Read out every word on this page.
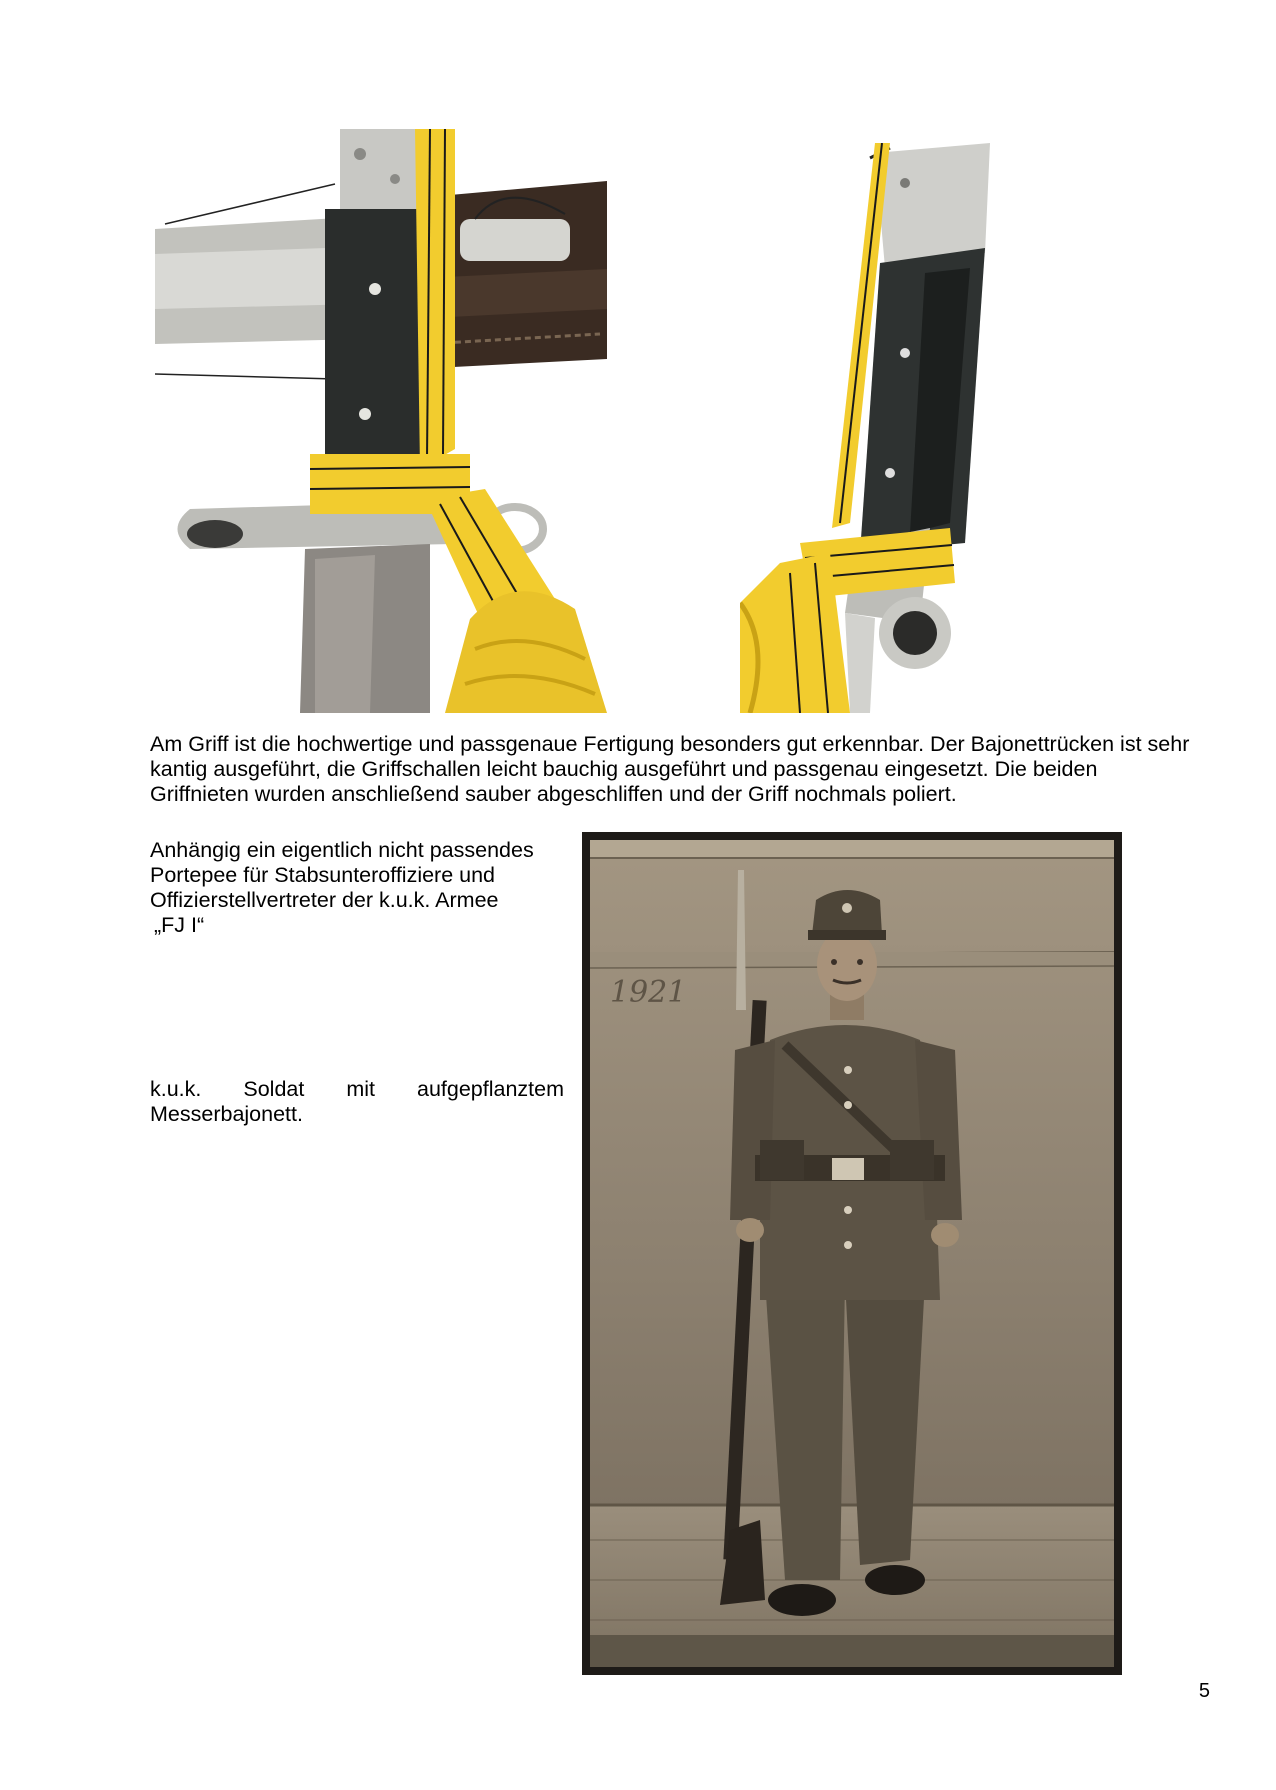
Am Griff ist die hochwertige und passgenaue Fertigung besonders gut erkennbar. Der Bajonettrücken ist sehr kantig ausgeführt, die Griffschallen leicht bauchig ausgeführt und passgenau eingesetzt. Die beiden Griffnieten wurden anschließend sauber abgeschliffen und der Griff nochmals poliert.
Anhängig ein eigentlich nicht passendes Portepee für Stabsunteroffiziere und Offizierstellvertreter der k.u.k. Armee
„FJ I“
k.u.k. Soldat mit aufgepflanztem
Messerbajonett.
1921
5
